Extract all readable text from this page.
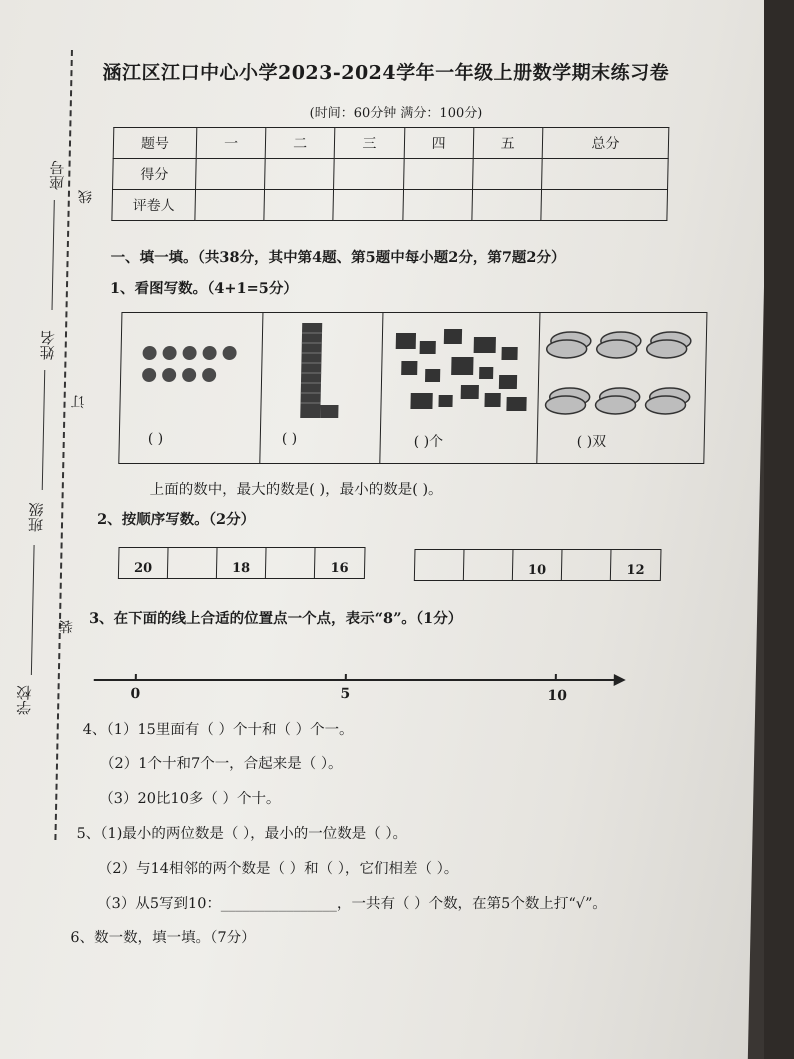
座号
线
姓名
订
班级
装
学校
涵江区江口中心小学2023-2024学年一年级上册数学期末练习卷
(时间：60分钟 满分：100分)
题号	一	二	三	四	五	总分
得分						
评卷人						
一、填一填。（共38分，其中第4题、第5题中每小题2分，第7题2分）
1、看图写数。（4+1=5分）
( )	( )	( )个	( )双
上面的数中，最大的数是( )，最小的数是( )。
2、按顺序写数。（2分）
20	18	16	10	12
3、在下面的线上合适的位置点一个点，表示“8”。（1分）
0	5	10
4、（1）15里面有（ ）个十和（ ）个一。
（2）1个十和7个一，合起来是（ ）。
（3）20比10多（ ）个十。
5、（1)最小的两位数是（ ），最小的一位数是（ ）。
（2）与14相邻的两个数是（ ）和（ ），它们相差（ ）。
（3）从5写到10：________________，一共有（ ）个数，在第5个数上打“√”。
6、数一数，填一填。（7分）
